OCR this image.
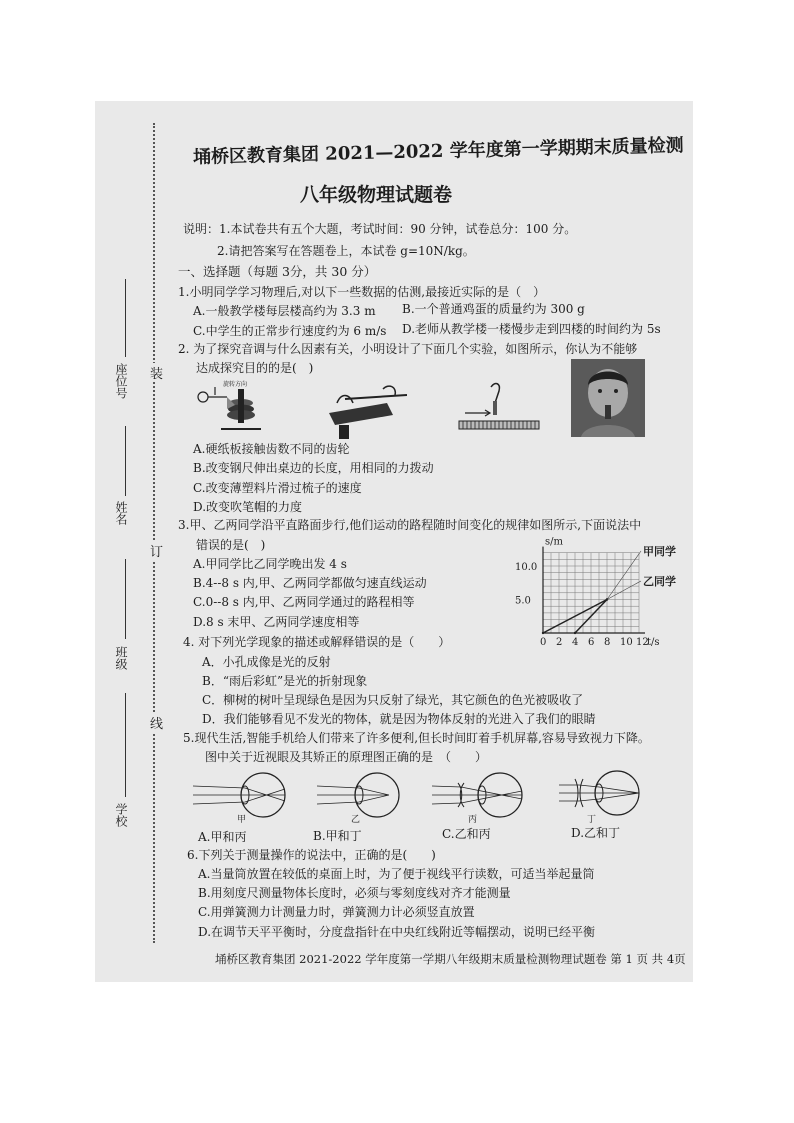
装
订
线
座位号
姓名
班级
学校
埇桥区教育集团 2021—2022 学年度第一学期期末质量检测
八年级物理试题卷
说明：1.本试卷共有五个大题，考试时间：90 分钟，试卷总分：100 分。
2.请把答案写在答题卷上，本试卷 g=10N/kg。
一、选择题（每题 3分，共 30 分）
1.小明同学学习物理后,对以下一些数据的估测,最接近实际的是（　）
A.一般教学楼每层楼高约为 3.3 m B.一个普通鸡蛋的质量约为 300 g
C.中学生的正常步行速度约为 6 m/s D.老师从教学楼一楼慢步走到四楼的时间约为 5s
2. 为了探究音调与什么因素有关，小明设计了下面几个实验，如图所示，你认为不能够
达成探究目的的是(　)
旋转方向
A.硬纸板接触齿数不同的齿轮
B.改变钢尺伸出桌边的长度，用相同的力拨动
C.改变薄塑料片滑过梳子的速度
D.改变吹笔帽的力度
3.甲、乙两同学沿平直路面步行,他们运动的路程随时间变化的规律如图所示,下面说法中
错误的是(　)
A.甲同学比乙同学晚出发 4 s
B.4--8 s 内,甲、乙两同学都做匀速直线运动
C.0--8 s 内,甲、乙两同学通过的路程相等
D.8 s 末甲、乙两同学速度相等
0 2 4 6 8 10 12
5.0
10.0
s/m
t/s
甲同学
乙同学
4. 对下列光学现象的描述或解释错误的是（　　）
A．小孔成像是光的反射
B．“雨后彩虹”是光的折射现象
C．柳树的树叶呈现绿色是因为只反射了绿光，其它颜色的色光被吸收了
D．我们能够看见不发光的物体，就是因为物体反射的光进入了我们的眼睛
5.现代生活,智能手机给人们带来了许多便利,但长时间盯着手机屏幕,容易导致视力下降。
图中关于近视眼及其矫正的原理图正确的是　（　　）
甲	乙	丙	丁
A.甲和丙	B.甲和丁	C.乙和丙	D.乙和丁
6.下列关于测量操作的说法中，正确的是(　　)
A.当量筒放置在较低的桌面上时，为了便于视线平行读数，可适当举起量筒
B.用刻度尺测量物体长度时，必须与零刻度线对齐才能测量
C.用弹簧测力计测量力时，弹簧测力计必须竖直放置
D.在调节天平平衡时，分度盘指针在中央红线附近等幅摆动，说明已经平衡
埇桥区教育集团 2021-2022 学年度第一学期八年级期末质量检测物理试题卷 第 1 页 共 4页
